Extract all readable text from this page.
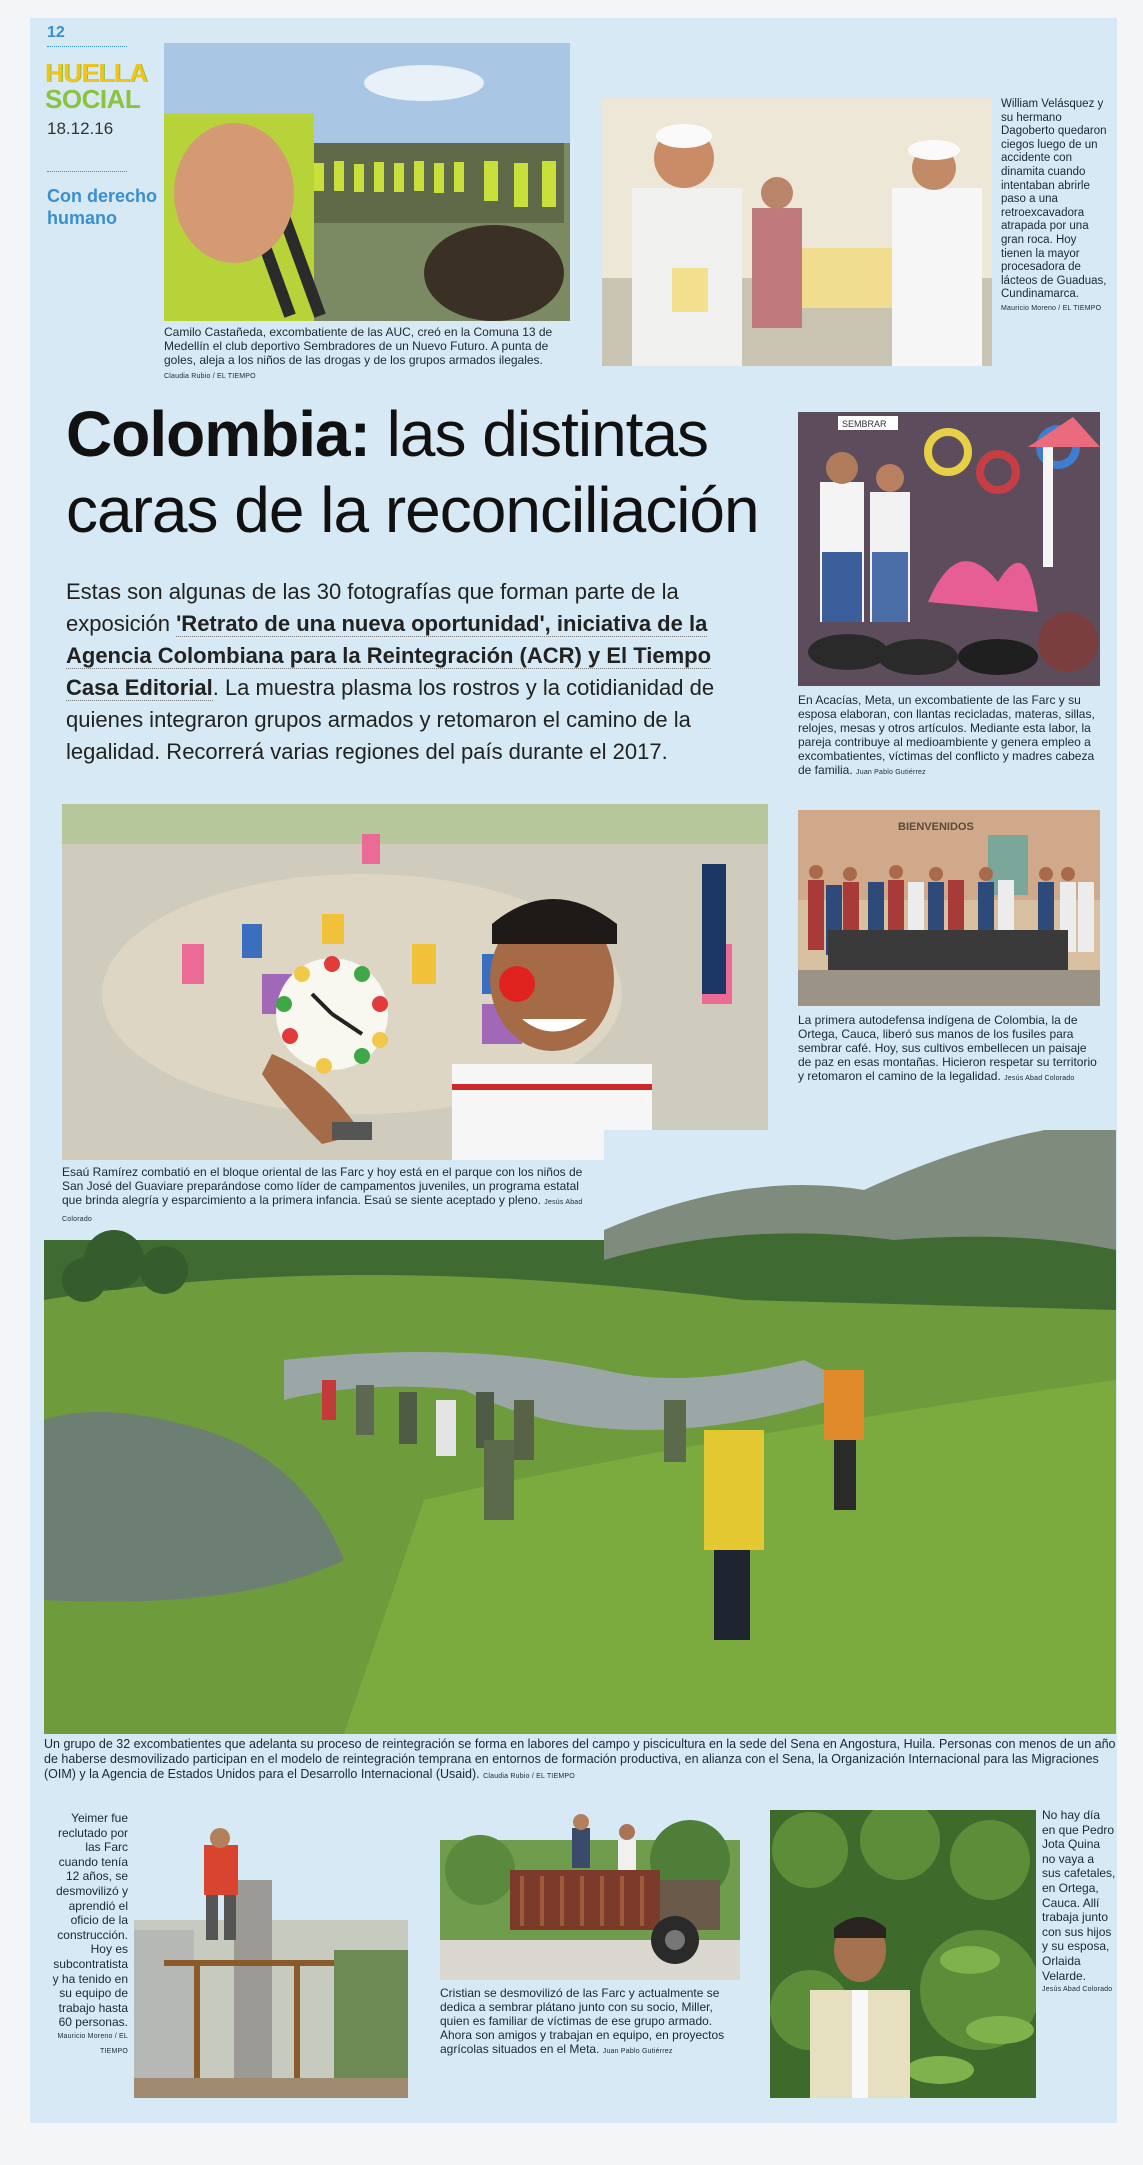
12
HUELLA
SOCIAL
18.12.16
Con derecho humano
Camilo Castañeda, excombatiente de las AUC, creó en la Comuna 13 de Medellín el club deportivo Sembradores de un Nuevo Futuro. A punta de goles, aleja a los niños de las drogas y de los grupos armados ilegales. Claudia Rubio / EL TIEMPO
William Velásquez y su hermano Dagoberto quedaron ciegos luego de un accidente con dinamita cuando intentaban abrirle paso a una retroexcavadora atrapada por una gran roca. Hoy tienen la mayor procesadora de lácteos de Guaduas, Cundinamarca.
Mauricio Moreno / EL TIEMPO
Colombia: las distintas
caras de la reconciliación
Estas son algunas de las 30 fotografías que forman parte de la exposición 'Retrato de una nueva oportunidad', iniciativa de la Agencia Colombiana para la Reintegración (ACR) y El Tiempo Casa Editorial. La muestra plasma los rostros y la cotidianidad de quienes integraron grupos armados y retomaron el camino de la legalidad. Recorrerá varias regiones del país durante el 2017.
SEMBRAR
En Acacías, Meta, un excombatiente de las Farc y su esposa elaboran, con llantas recicladas, materas, sillas, relojes, mesas y otros artículos. Mediante esta labor, la pareja contribuye al medioambiente y genera empleo a excombatientes, víctimas del conflicto y madres cabeza de familia. Juan Pablo Gutiérrez
BIENVENIDOS
La primera autodefensa indígena de Colombia, la de Ortega, Cauca, liberó sus manos de los fusiles para sembrar café. Hoy, sus cultivos embellecen un paisaje de paz en esas montañas. Hicieron respetar su territorio y retomaron el camino de la legalidad. Jesús Abad Colorado
Un grupo de 32 excombatientes que adelanta su proceso de reintegración se forma en labores del campo y piscicultura en la sede del Sena en Angostura, Huila. Personas con menos de un año de haberse desmovilizado participan en el modelo de reintegración temprana en entornos de formación productiva, en alianza con el Sena, la Organización Internacional para las Migraciones (OIM) y la Agencia de Estados Unidos para el Desarrollo Internacional (Usaid). Claudia Rubio / EL TIEMPO
Yeimer fue reclutado por las Farc cuando tenía 12 años, se desmovilizó y aprendió el oficio de la construcción. Hoy es subcontratista y ha tenido en su equipo de trabajo hasta 60 personas.
Mauricio Moreno / EL TIEMPO
Cristian se desmovilizó de las Farc y actualmente se dedica a sembrar plátano junto con su socio, Miller, quien es familiar de víctimas de ese grupo armado. Ahora son amigos y trabajan en equipo, en proyectos agrícolas situados en el Meta. Juan Pablo Gutiérrez
No hay día en que Pedro Jota Quina no vaya a sus cafetales, en Ortega, Cauca. Allí trabaja junto con sus hijos y su esposa, Orlaida Velarde.
Jesús Abad Colorado
